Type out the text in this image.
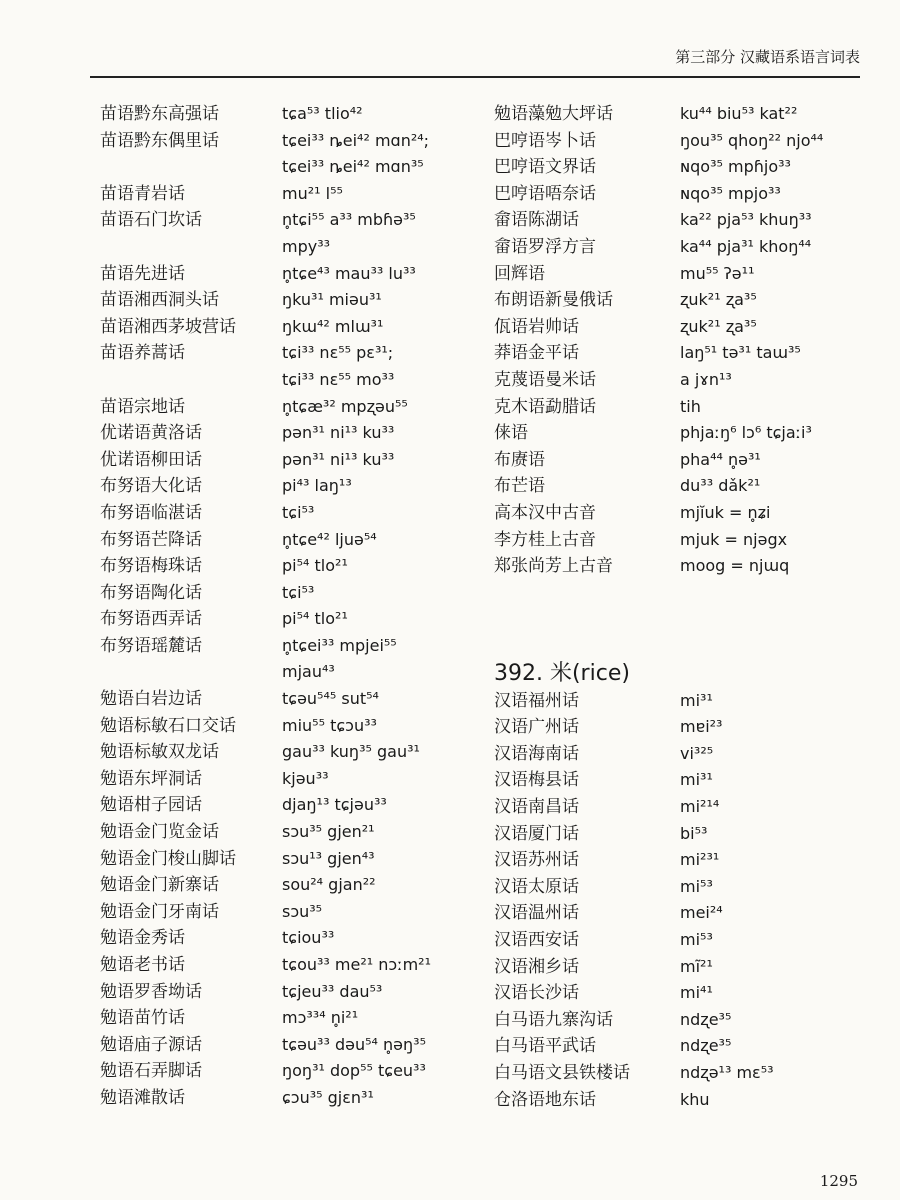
第三部分 汉藏语系语言词表
苗语黔东高强话	tɕa⁵³ tlio⁴²
苗语黔东偶里话	tɕei³³ ȵei⁴² mɑn²⁴;
tɕei³³ ȵei⁴² mɑn³⁵
苗语青岩话	mu²¹ l⁵⁵
苗语石门坎话	n̥tɕi⁵⁵ a³³ mbɦə³⁵
mpy³³
苗语先进话	n̥tɕe⁴³ mau³³ lu³³
苗语湘西洞头话	ŋku³¹ miəu³¹
苗语湘西茅坡营话	ŋkɯ⁴² mlɯ³¹
苗语养蒿话	tɕi³³ nɛ⁵⁵ pɛ³¹;
tɕi³³ nɛ⁵⁵ mo³³
苗语宗地话	n̥tɕæ³² mpʐəu⁵⁵
优诺语黄洛话	pən³¹ ni¹³ ku³³
优诺语柳田话	pən³¹ ni¹³ ku³³
布努语大化话	pi⁴³ laŋ¹³
布努语临湛话	tɕi⁵³
布努语芒降话	n̥tɕe⁴² ljuə⁵⁴
布努语梅珠话	pi⁵⁴ tlo²¹
布努语陶化话	tɕi⁵³
布努语西弄话	pi⁵⁴ tlo²¹
布努语瑶麓话	n̥tɕei³³ mpjei⁵⁵
mjau⁴³
勉语白岩边话	tɕəu⁵⁴⁵ sut⁵⁴
勉语标敏石口交话	miu⁵⁵ tɕɔu³³
勉语标敏双龙话	gau³³ kuŋ³⁵ gau³¹
勉语东坪洞话	kjəu³³
勉语柑子园话	djaŋ¹³ tɕjəu³³
勉语金门览金话	sɔu³⁵ gjen²¹
勉语金门梭山脚话	sɔu¹³ gjen⁴³
勉语金门新寨话	sou²⁴ gjan²²
勉语金门牙南话	sɔu³⁵
勉语金秀话	tɕiou³³
勉语老书话	tɕou³³ me²¹ nɔːm²¹
勉语罗香坳话	tɕjeu³³ dau⁵³
勉语苗竹话	mɔ³³⁴ n̥i²¹
勉语庙子源话	tɕəu³³ dəu⁵⁴ n̥əŋ³⁵
勉语石弄脚话	ŋoŋ³¹ dop⁵⁵ tɕeu³³
勉语滩散话	ɕɔu³⁵ gjɛn³¹
勉语藻勉大坪话	ku⁴⁴ biu⁵³ kat²²
巴哼语岑卜话	ŋou³⁵ qhoŋ²² njo⁴⁴
巴哼语文界话	ɴqo³⁵ mpɦjo³³
巴哼语唔奈话	ɴqo³⁵ mpjo³³
畲语陈湖话	ka²² pja⁵³ khuŋ³³
畲语罗浮方言	ka⁴⁴ pja³¹ khoŋ⁴⁴
回辉语	mu⁵⁵ ʔə¹¹
布朗语新曼俄话	ʐuk²¹ ʐa³⁵
佤语岩帅话	ʐuk²¹ ʐa³⁵
莽语金平话	laŋ⁵¹ tə³¹ taɯ³⁵
克蔑语曼米话	a jɤn¹³
克木语勐腊话	tih
俫语	phjaːŋ⁶ lɔ⁶ tɕjaːi³
布赓语	pha⁴⁴ n̥ə³¹
布芒语	du³³ dǎk²¹
高本汉中古音	mjĭuk = n̥ʑi
李方桂上古音	mjuk = njəgx
郑张尚芳上古音	moog = njɯq
392. 米(rice)
汉语福州话	mi³¹
汉语广州话	mɐi²³
汉语海南话	vi³²⁵
汉语梅县话	mi³¹
汉语南昌话	mi²¹⁴
汉语厦门话	bi⁵³
汉语苏州话	mi²³¹
汉语太原话	mi⁵³
汉语温州话	mei²⁴
汉语西安话	mi⁵³
汉语湘乡话	mĩ²¹
汉语长沙话	mi⁴¹
白马语九寨沟话	ndʐe³⁵
白马语平武话	ndʐe³⁵
白马语文县铁楼话	ndʐə¹³ mɛ⁵³
仓洛语地东话	khu
1295
